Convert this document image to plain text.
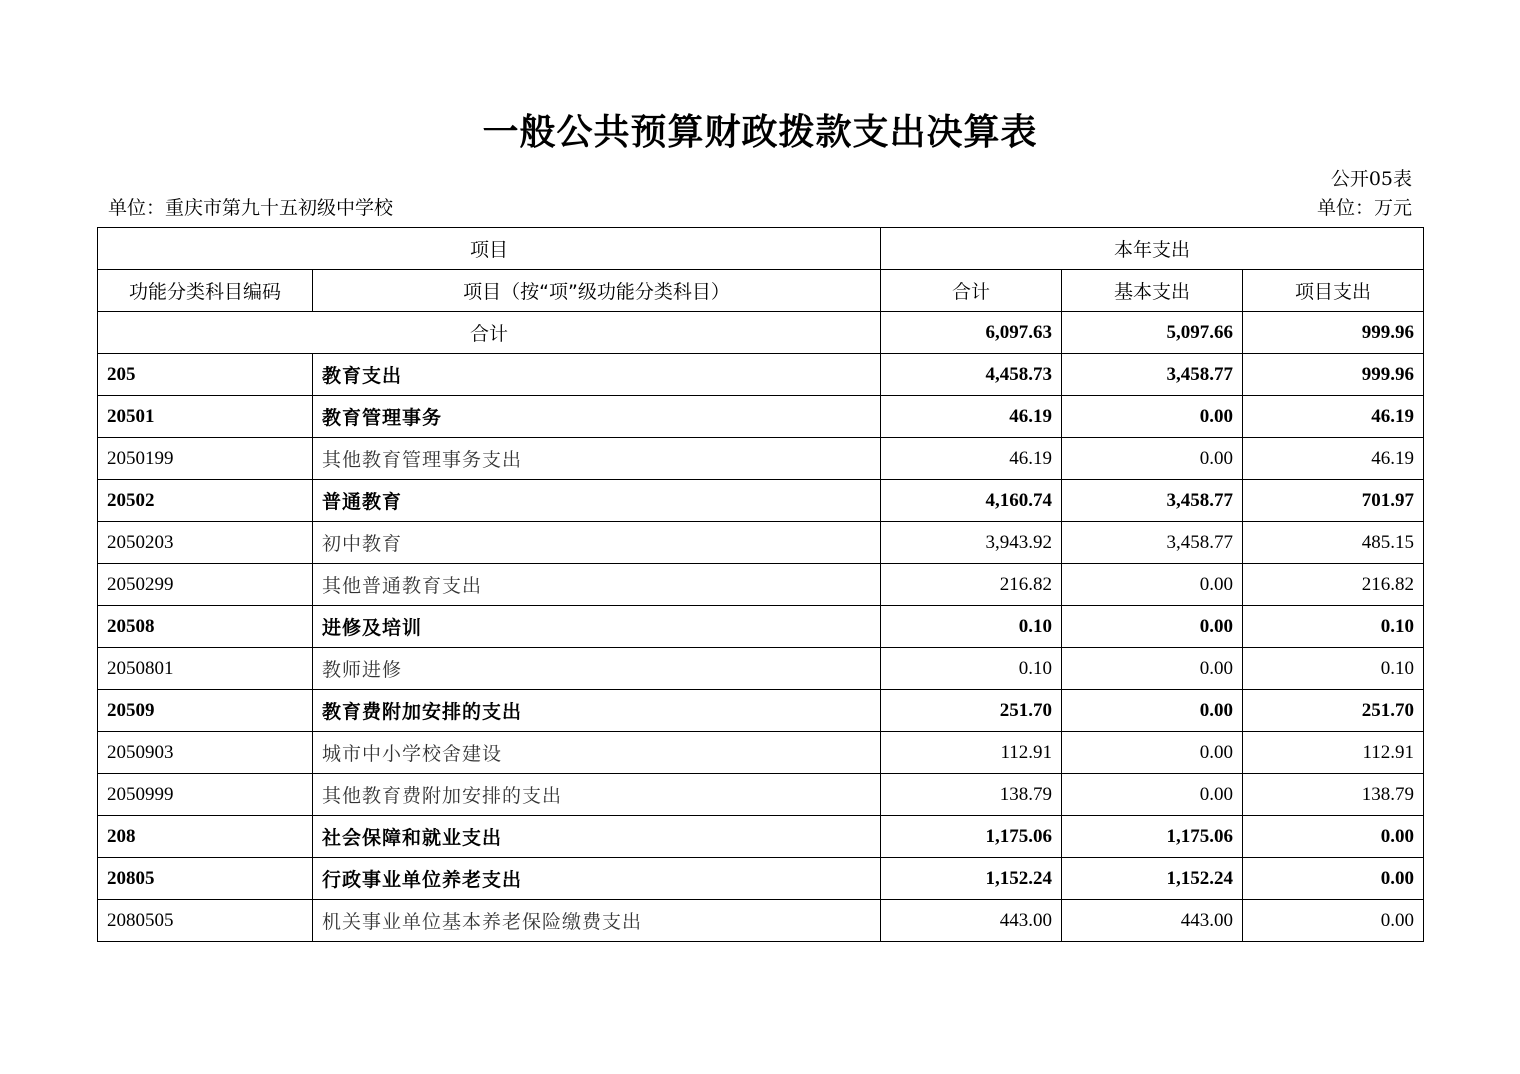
一般公共预算财政拨款支出决算表
公开05表
单位：重庆市第九十五初级中学校	单位：万元
项目		本年支出		
功能分类科目编码	项目（按“项”级功能分类科目）	合计	基本支出	项目支出
合计		6,097.63	5,097.66	999.96
205	教育支出	4,458.73	3,458.77	999.96
20501	教育管理事务	46.19	0.00	46.19
2050199	其他教育管理事务支出	46.19	0.00	46.19
20502	普通教育	4,160.74	3,458.77	701.97
2050203	初中教育	3,943.92	3,458.77	485.15
2050299	其他普通教育支出	216.82	0.00	216.82
20508	进修及培训	0.10	0.00	0.10
2050801	教师进修	0.10	0.00	0.10
20509	教育费附加安排的支出	251.70	0.00	251.70
2050903	城市中小学校舍建设	112.91	0.00	112.91
2050999	其他教育费附加安排的支出	138.79	0.00	138.79
208	社会保障和就业支出	1,175.06	1,175.06	0.00
20805	行政事业单位养老支出	1,152.24	1,152.24	0.00
2080505	机关事业单位基本养老保险缴费支出	443.00	443.00	0.00
